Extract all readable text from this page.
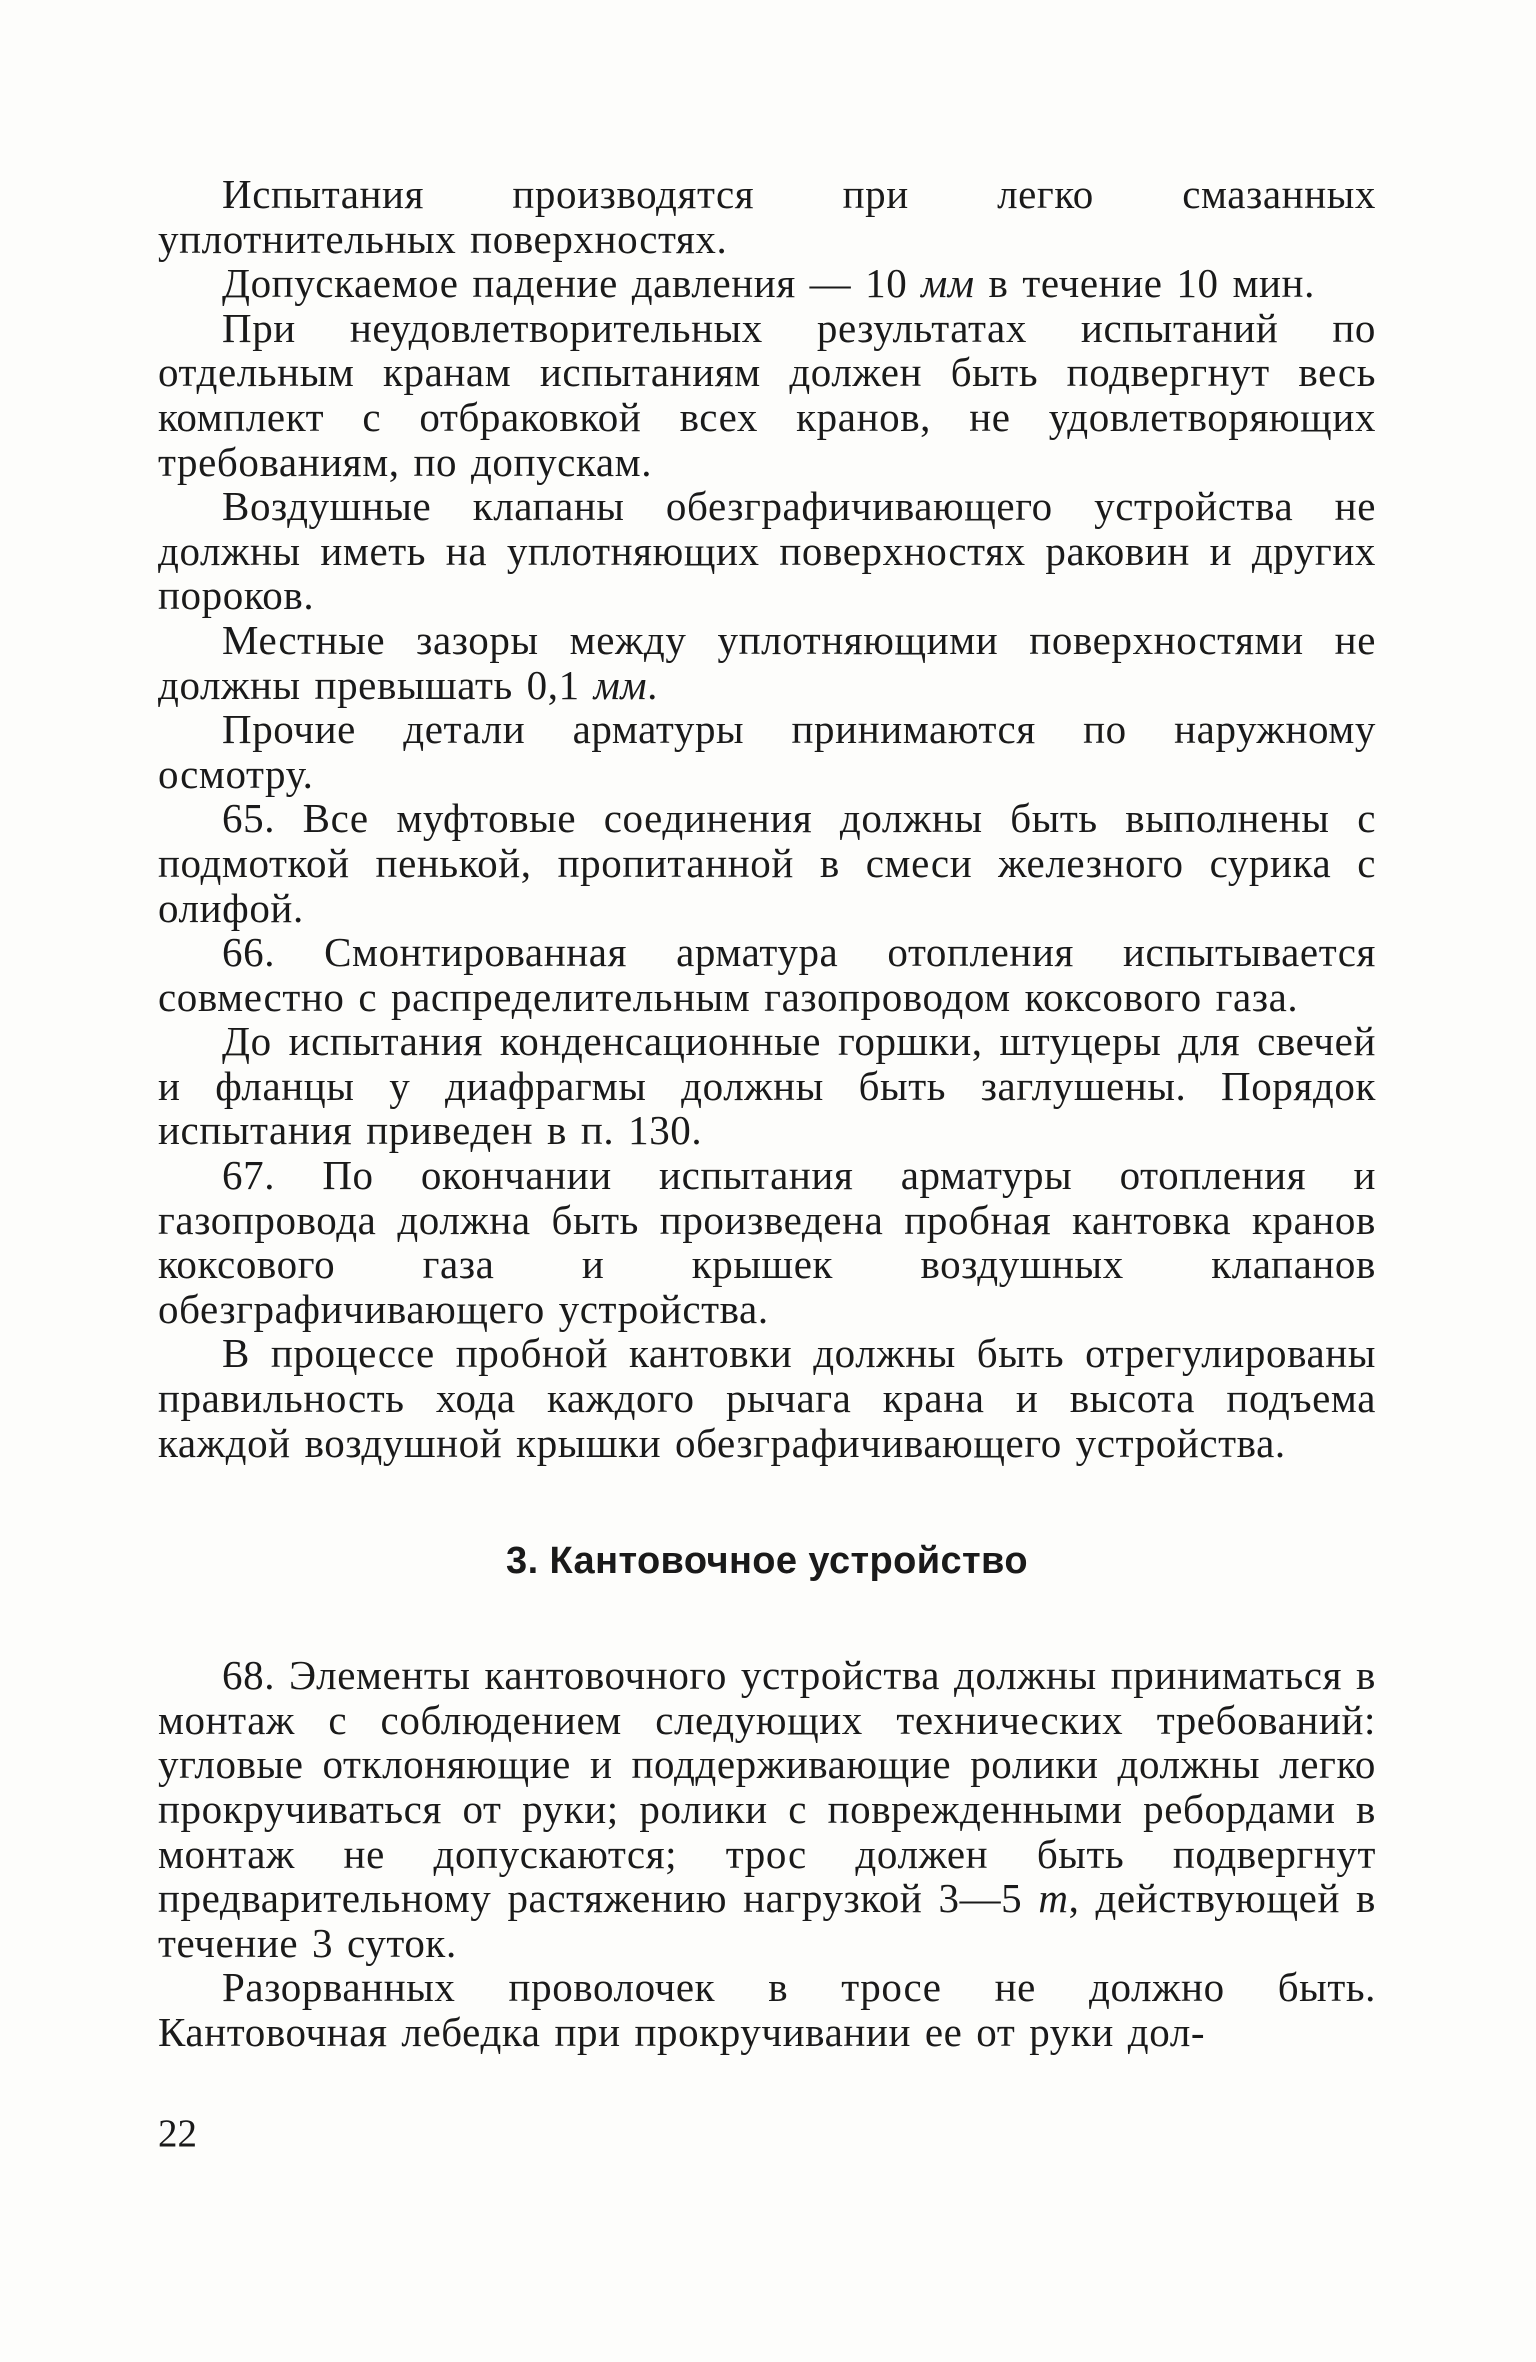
Испытания производятся при легко смазанных уплотнительных поверхностях.

Допускаемое падение давления — 10 мм в течение 10 мин.

При неудовлетворительных результатах испытаний по отдельным кранам испытаниям должен быть подвергнут весь комплект с отбраковкой всех кранов, не удовлетворяющих требованиям, по допускам.

Воздушные клапаны обезграфичивающего устройства не должны иметь на уплотняющих поверхностях раковин и других пороков.

Местные зазоры между уплотняющими поверхностями не должны превышать 0,1 мм.

Прочие детали арматуры принимаются по наружному осмотру.

65. Все муфтовые соединения должны быть выполнены с подмоткой пенькой, пропитанной в смеси железного сурика с олифой.

66. Смонтированная арматура отопления испытывается совместно с распределительным газопроводом коксового газа.

До испытания конденсационные горшки, штуцеры для свечей и фланцы у диафрагмы должны быть заглушены. Порядок испытания приведен в п. 130.

67. По окончании испытания арматуры отопления и газопровода должна быть произведена пробная кантовка кранов коксового газа и крышек воздушных клапанов обезграфичивающего устройства.

В процессе пробной кантовки должны быть отрегулированы правильность хода каждого рычага крана и высота подъема каждой воздушной крышки обезграфичивающего устройства.

3. Кантовочное устройство

68. Элементы кантовочного устройства должны приниматься в монтаж с соблюдением следующих технических требований: угловые отклоняющие и поддерживающие ролики должны легко прокручиваться от руки; ролики с поврежденными ребордами в монтаж не допускаются; трос должен быть подвергнут предварительному растяжению нагрузкой 3—5 т, действующей в течение 3 суток.

Разорванных проволочек в тросе не должно быть. Кантовочная лебедка при прокручивании ее от руки дол-

22
